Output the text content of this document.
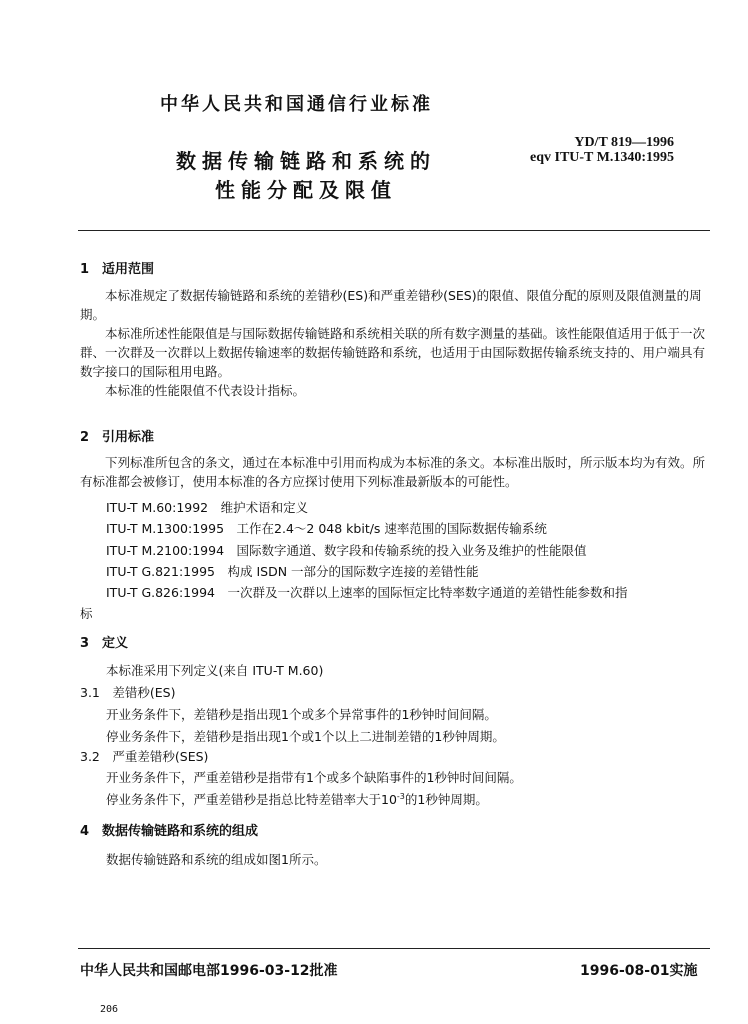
中华人民共和国通信行业标准
数据传输链路和系统的
性能分配及限值
YD/T 819—1996
eqv ITU-T M.1340:1995
1　适用范围

本标准规定了数据传输链路和系统的差错秒(ES)和严重差错秒(SES)的限值、限值分配的原则及限值测量的周期。

本标准所述性能限值是与国际数据传输链路和系统相关联的所有数字测量的基础。该性能限值适用于低于一次群、一次群及一次群以上数据传输速率的数据传输链路和系统，也适用于由国际数据传输系统支持的、用户端具有数字接口的国际租用电路。

本标准的性能限值不代表设计指标。

2　引用标准

下列标准所包含的条文，通过在本标准中引用而构成为本标准的条文。本标准出版时，所示版本均为有效。所有标准都会被修订，使用本标准的各方应探讨使用下列标准最新版本的可能性。

ITU-T M.60:1992　维护术语和定义
ITU-T M.1300:1995　工作在2.4～2 048 kbit/s 速率范围的国际数据传输系统
ITU-T M.2100:1994　国际数字通道、数字段和传输系统的投入业务及维护的性能限值
ITU-T G.821:1995　构成 ISDN 一部分的国际数字连接的差错性能
ITU-T G.826:1994　一次群及一次群以上速率的国际恒定比特率数字通道的差错性能参数和指
标
3　定义
本标准采用下列定义(来自 ITU-T M.60)
3.1　差错秒(ES)
开业务条件下，差错秒是指出现1个或多个异常事件的1秒钟时间间隔。
停业务条件下，差错秒是指出现1个或1个以上二进制差错的1秒钟周期。
3.2　严重差错秒(SES)
开业务条件下，严重差错秒是指带有1个或多个缺陷事件的1秒钟时间间隔。
停业务条件下，严重差错秒是指总比特差错率大于$10^{-3}$的1秒钟周期。
4　数据传输链路和系统的组成
数据传输链路和系统的组成如图1所示。
中华人民共和国邮电部1996-03-12批准	1996-08-01实施
206
